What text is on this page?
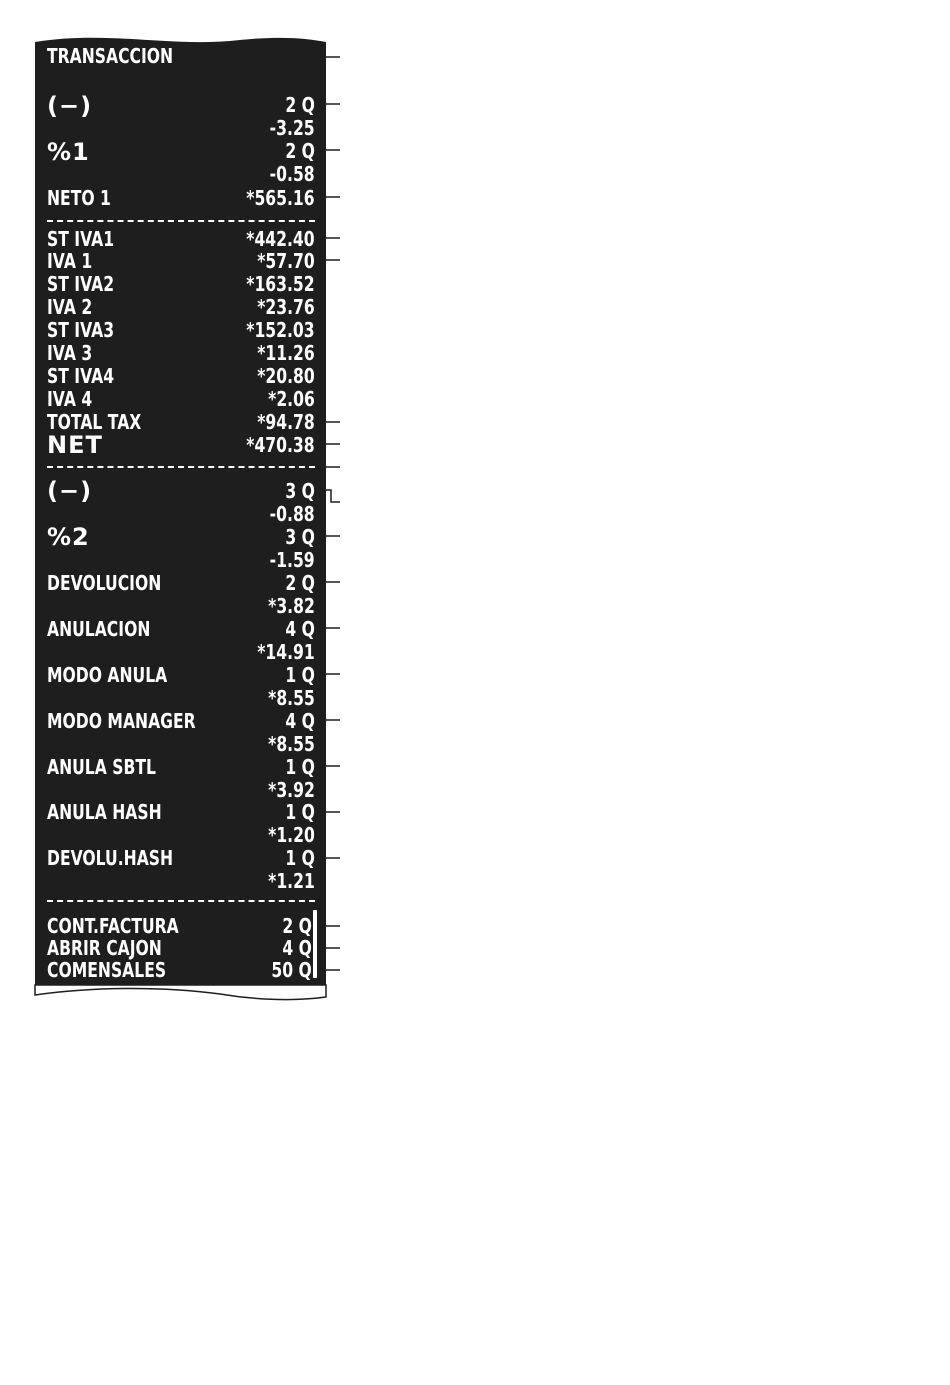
TRANSACCION
(−)	2 Q
-3.25
%1	2 Q
-0.58
NETO 1	*565.16
ST IVA1	*442.40
IVA 1	*57.70
ST IVA2	*163.52
IVA 2	*23.76
ST IVA3	*152.03
IVA 3	*11.26
ST IVA4	*20.80
IVA 4	*2.06
TOTAL TAX	*94.78
NET	*470.38
(−)	3 Q
-0.88
%2	3 Q
-1.59
DEVOLUCION	2 Q
*3.82
ANULACION	4 Q
*14.91
MODO ANULA	1 Q
*8.55
MODO MANAGER	4 Q
*8.55
ANULA SBTL	1 Q
*3.92
ANULA HASH	1 Q
*1.20
DEVOLU.HASH	1 Q
*1.21
CONT.FACTURA	2 Q
ABRIR CAJON	4 Q
COMENSALES	50 Q
